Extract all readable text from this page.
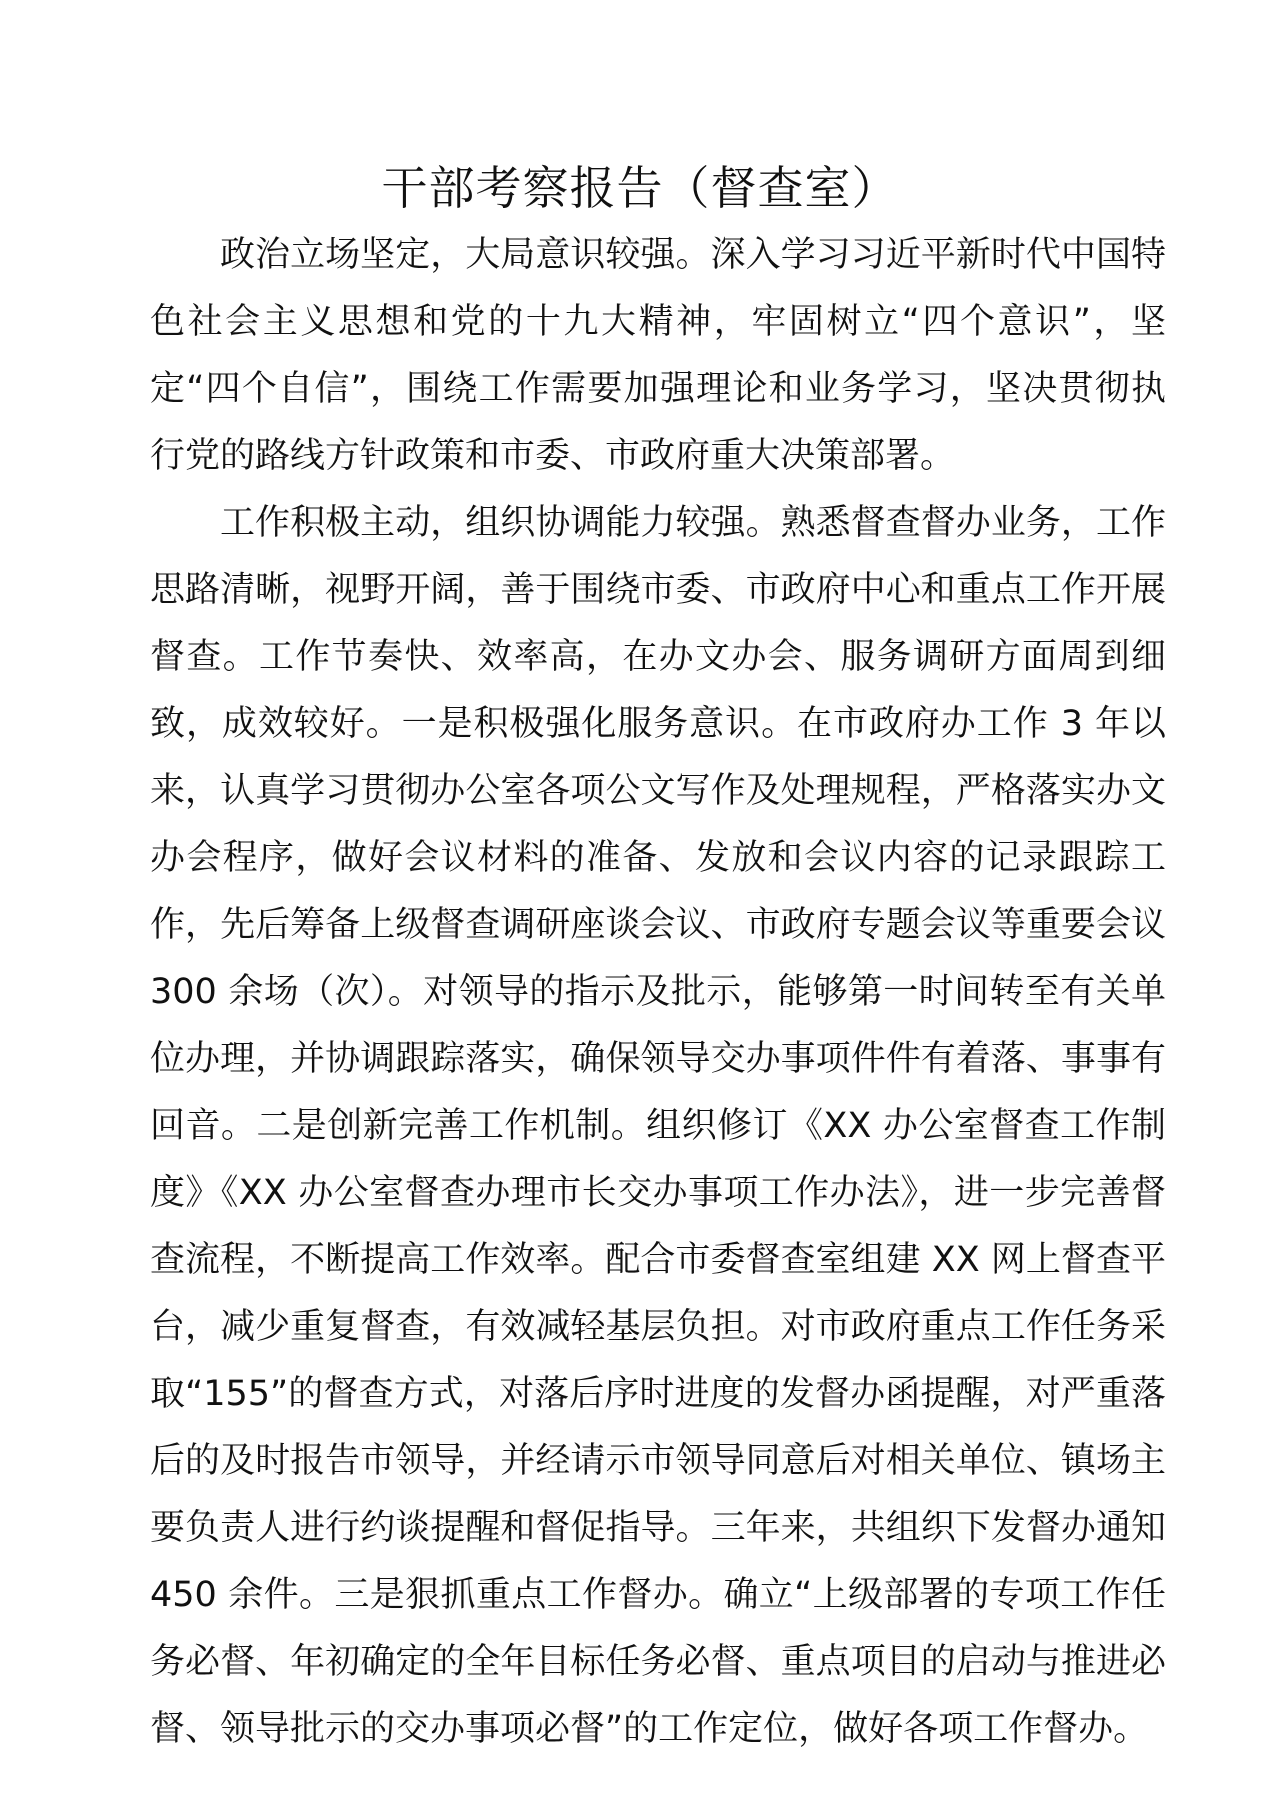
干部考察报告（督查室）

政治立场坚定，大局意识较强。深入学习习近平新时代中国特色社会主义思想和党的十九大精神，牢固树立“四个意识”，坚定“四个自信”，围绕工作需要加强理论和业务学习，坚决贯彻执行党的路线方针政策和市委、市政府重大决策部署。

工作积极主动，组织协调能力较强。熟悉督查督办业务，工作思路清晰，视野开阔，善于围绕市委、市政府中心和重点工作开展督查。工作节奏快、效率高，在办文办会、服务调研方面周到细致，成效较好。一是积极强化服务意识。在市政府办工作 3 年以来，认真学习贯彻办公室各项公文写作及处理规程，严格落实办文办会程序，做好会议材料的准备、发放和会议内容的记录跟踪工作，先后筹备上级督查调研座谈会议、市政府专题会议等重要会议 300 余场（次）。对领导的指示及批示，能够第一时间转至有关单位办理，并协调跟踪落实，确保领导交办事项件件有着落、事事有回音。二是创新完善工作机制。组织修订《XX 办公室督查工作制度》《XX 办公室督查办理市长交办事项工作办法》，进一步完善督查流程，不断提高工作效率。配合市委督查室组建 XX 网上督查平台，减少重复督查，有效减轻基层负担。对市政府重点工作任务采取“155”的督查方式，对落后序时进度的发督办函提醒，对严重落后的及时报告市领导，并经请示市领导同意后对相关单位、镇场主要负责人进行约谈提醒和督促指导。三年来，共组织下发督办通知 450 余件。三是狠抓重点工作督办。确立“上级部署的专项工作任务必督、年初确定的全年目标任务必督、重点项目的启动与推进必督、领导批示的交办事项必督”的工作定位，做好各项工作督办。
